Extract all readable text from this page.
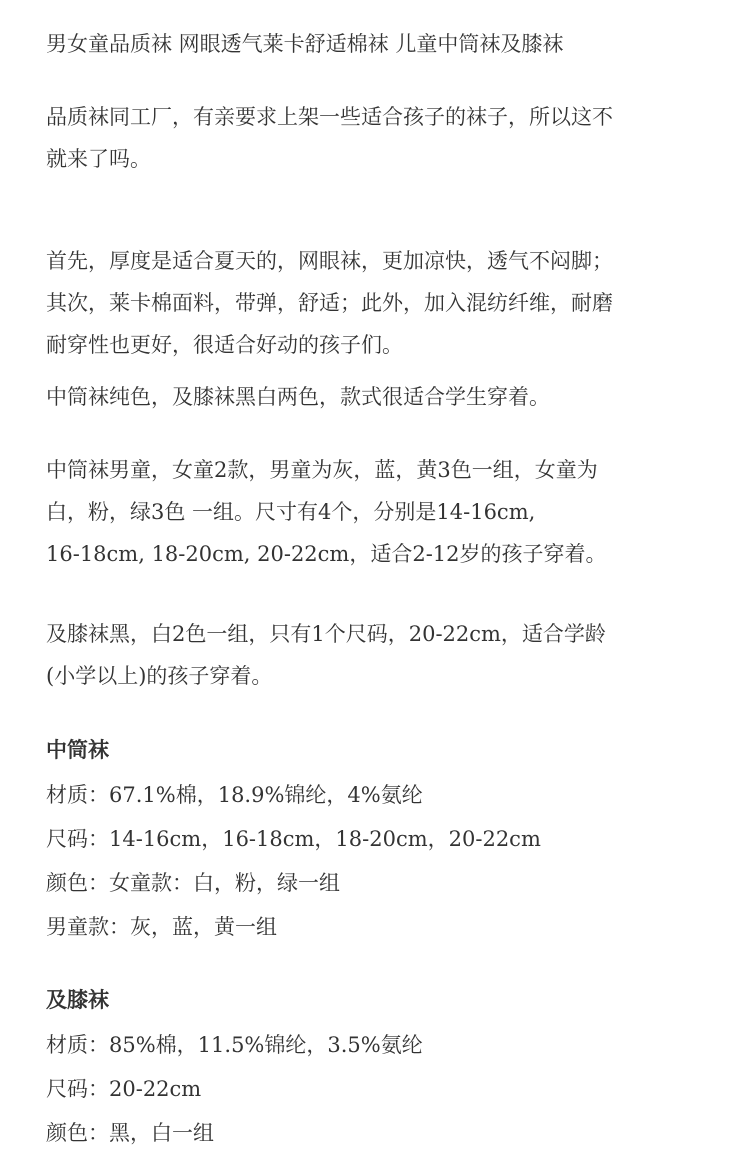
男女童品质袜 网眼透气莱卡舒适棉袜 儿童中筒袜及膝袜

品质袜同工厂，有亲要求上架一些适合孩子的袜子，所以这不
就来了吗。

首先，厚度是适合夏天的，网眼袜，更加凉快，透气不闷脚；
其次，莱卡棉面料，带弹，舒适；此外，加入混纺纤维，耐磨
耐穿性也更好，很适合好动的孩子们。

中筒袜纯色，及膝袜黑白两色，款式很适合学生穿着。

中筒袜男童，女童2款，男童为灰，蓝，黄3色一组，女童为
白，粉，绿3色 一组。尺寸有4个，分别是14-16cm,
16-18cm, 18-20cm, 20-22cm，适合2-12岁的孩子穿着。

及膝袜黑，白2色一组，只有1个尺码，20-22cm，适合学龄
(小学以上)的孩子穿着。

中筒袜
材质：67.1%棉，18.9%锦纶，4%氨纶
尺码：14-16cm，16-18cm，18-20cm，20-22cm
颜色：女童款：白，粉，绿一组
男童款：灰，蓝，黄一组
及膝袜
材质：85%棉，11.5%锦纶，3.5%氨纶
尺码：20-22cm
颜色：黑，白一组
